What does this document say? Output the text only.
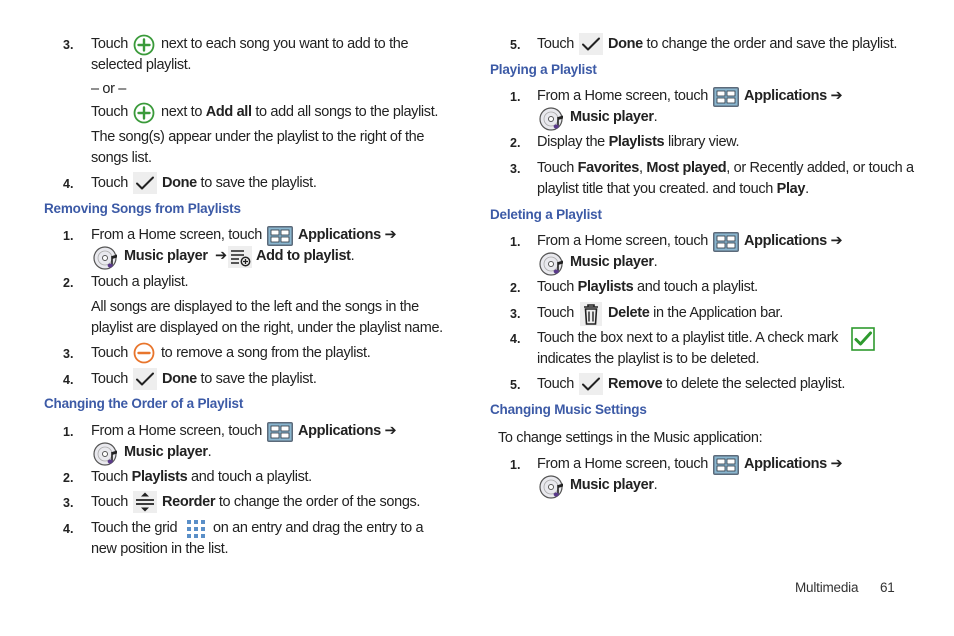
3. Touch next to each song you want to add to the
selected playlist.
– or –
Touch next to Add all to add all songs to the playlist.
The song(s) appear under the playlist to the right of the
songs list.
4. Touch Done to save the playlist.
Removing Songs from Playlists
1. From a Home screen, touch Applications ➔
Music player ➔ Add to playlist.
2. Touch a playlist.
All songs are displayed to the left and the songs in the
playlist are displayed on the right, under the playlist name.
3. Touch to remove a song from the playlist.
4. Touch Done to save the playlist.
Changing the Order of a Playlist
1. From a Home screen, touch Applications ➔
Music player.
2. Touch Playlists and touch a playlist.
3. Touch Reorder to change the order of the songs.
4. Touch the grid on an entry and drag the entry to a
new position in the list.
5. Touch Done to change the order and save the playlist.
Playing a Playlist
1. From a Home screen, touch Applications ➔
Music player.
2. Display the Playlists library view.
3. Touch Favorites, Most played, or Recently added, or touch a
playlist title that you created. and touch Play.
Deleting a Playlist
1. From a Home screen, touch Applications ➔
Music player.
2. Touch Playlists and touch a playlist.
3. Touch Delete in the Application bar.
4. Touch the box next to a playlist title. A check mark
indicates the playlist is to be deleted.
5. Touch Remove to delete the selected playlist.
Changing Music Settings
To change settings in the Music application:
1. From a Home screen, touch Applications ➔
Music player.
Multimedia 61
